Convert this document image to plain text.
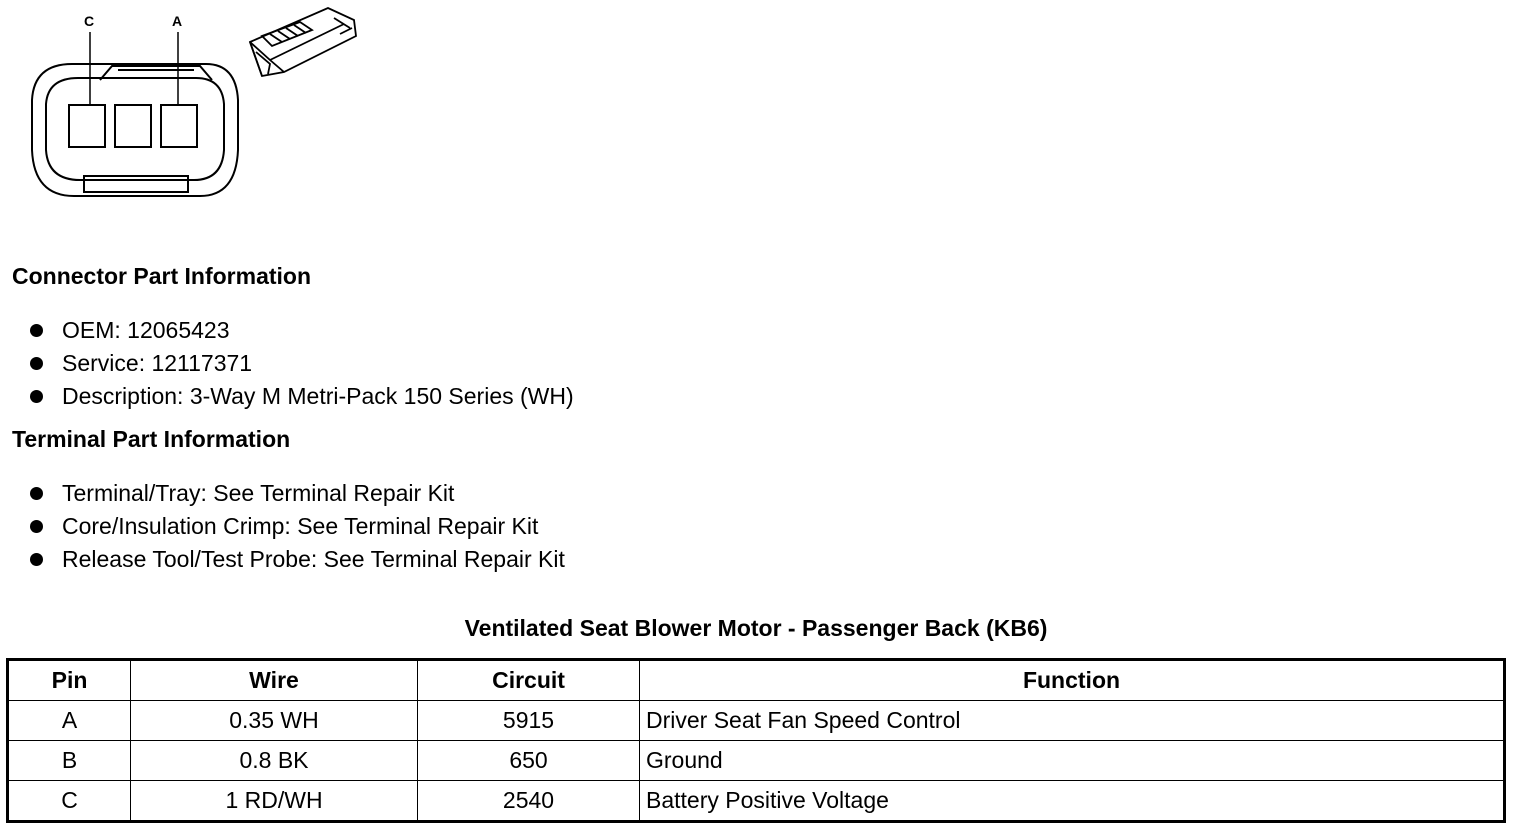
C	A
Connector Part Information
OEM: 12065423
Service: 12117371
Description: 3-Way M Metri-Pack 150 Series (WH)
Terminal Part Information
Terminal/Tray: See Terminal Repair Kit
Core/Insulation Crimp: See Terminal Repair Kit
Release Tool/Test Probe: See Terminal Repair Kit
Ventilated Seat Blower Motor - Passenger Back (KB6)
Pin	Wire	Circuit	Function
A	0.35 WH	5915	Driver Seat Fan Speed Control
B	0.8 BK	650	Ground
C	1 RD/WH	2540	Battery Positive Voltage
